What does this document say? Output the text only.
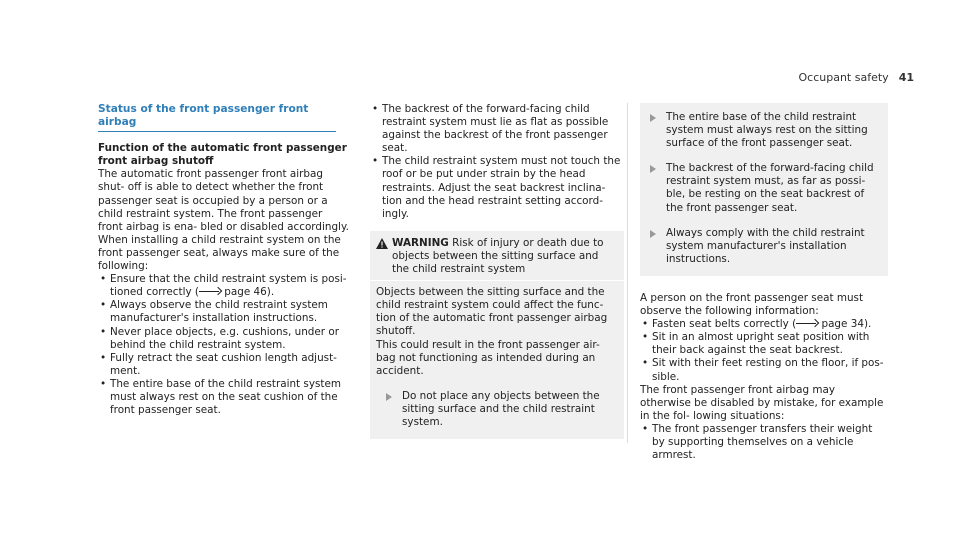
Occupant safety 41
Status of the front passenger front airbag

Function of the automatic front passenger front airbag shutoff

The automatic front passenger front airbag shut- off is able to detect whether the front passenger seat is occupied by a person or a child restraint system. The front passenger front airbag is ena- bled or disabled accordingly.

When installing a child restraint system on the front passenger seat, always make sure of the following:

• Ensure that the child restraint system is posi- tioned correctly ( page 46).
• Always observe the child restraint system manufacturer's installation instructions.
• Never place objects, e.g. cushions, under or behind the child restraint system.
• Fully retract the seat cushion length adjust- ment.
• The entire base of the child restraint system must always rest on the seat cushion of the front passenger seat.
• The backrest of the forward-facing child restraint system must lie as flat as possible against the backrest of the front passenger seat.
• The child restraint system must not touch the roof or be put under strain by the head restraints. Adjust the seat backrest inclina- tion and the head restraint setting accord- ingly.
WARNING Risk of injury or death due to objects between the sitting surface and the child restraint system

Objects between the sitting surface and the child restraint system could affect the func- tion of the automatic front passenger airbag shutoff.

This could result in the front passenger air- bag not functioning as intended during an accident.

Do not place any objects between the sitting surface and the child restraint system.
The entire base of the child restraint system must always rest on the sitting surface of the front passenger seat.
The backrest of the forward-facing child restraint system must, as far as possi- ble, be resting on the seat backrest of the front passenger seat.
Always comply with the child restraint system manufacturer's installation instructions.

A person on the front passenger seat must observe the following information:

• Fasten seat belts correctly ( page 34).
• Sit in an almost upright seat position with their back against the seat backrest.
• Sit with their feet resting on the floor, if pos- sible.

The front passenger front airbag may otherwise be disabled by mistake, for example in the fol- lowing situations:

• The front passenger transfers their weight by supporting themselves on a vehicle armrest.
